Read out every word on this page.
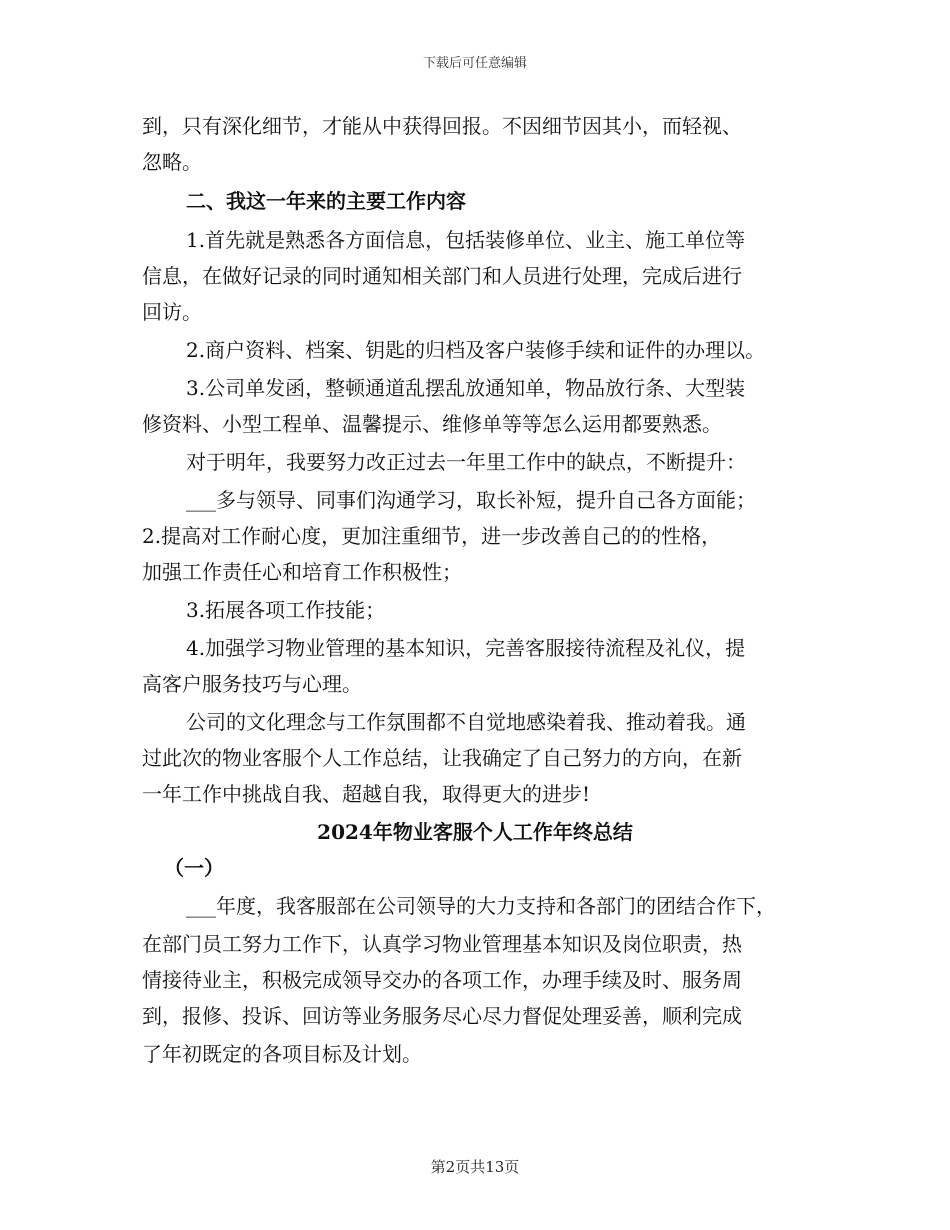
下载后可任意编辑
到，只有深化细节，才能从中获得回报。不因细节因其小，而轻视、
忽略。
二、我这一年来的主要工作内容
1.首先就是熟悉各方面信息，包括装修单位、业主、施工单位等
信息，在做好记录的同时通知相关部门和人员进行处理，完成后进行
回访。
2.商户资料、档案、钥匙的归档及客户装修手续和证件的办理以。
3.公司单发函，整顿通道乱摆乱放通知单，物品放行条、大型装
修资料、小型工程单、温馨提示、维修单等等怎么运用都要熟悉。
对于明年，我要努力改正过去一年里工作中的缺点，不断提升：
___多与领导、同事们沟通学习，取长补短，提升自己各方面能；
2.提高对工作耐心度，更加注重细节，进一步改善自己的的性格，
加强工作责任心和培育工作积极性；
3.拓展各项工作技能；
4.加强学习物业管理的基本知识，完善客服接待流程及礼仪，提
高客户服务技巧与心理。
公司的文化理念与工作氛围都不自觉地感染着我、推动着我。通
过此次的物业客服个人工作总结，让我确定了自己努力的方向，在新
一年工作中挑战自我、超越自我，取得更大的进步!
2024年物业客服个人工作年终总结
（一）
___年度，我客服部在公司领导的大力支持和各部门的团结合作下，
在部门员工努力工作下，认真学习物业管理基本知识及岗位职责，热
情接待业主，积极完成领导交办的各项工作，办理手续及时、服务周
到，报修、投诉、回访等业务服务尽心尽力督促处理妥善，顺利完成
了年初既定的各项目标及计划。
第2页共13页
